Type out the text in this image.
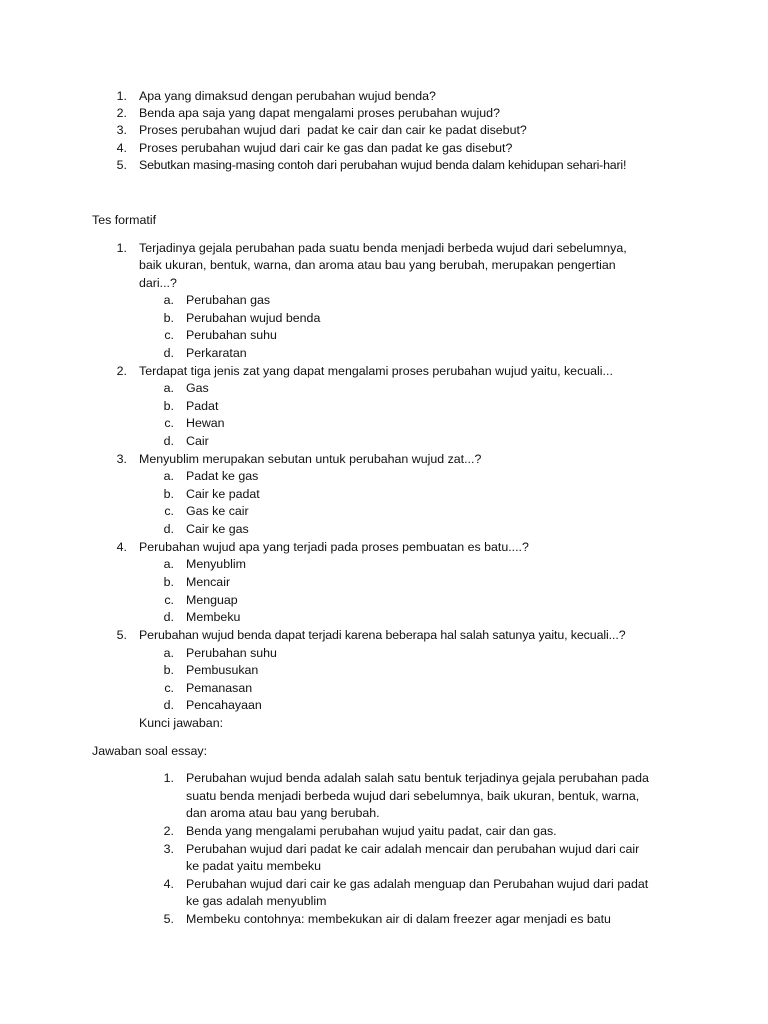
1. Apa yang dimaksud dengan perubahan wujud benda?
2. Benda apa saja yang dapat mengalami proses perubahan wujud?
3. Proses perubahan wujud dari  padat ke cair dan cair ke padat disebut?
4. Proses perubahan wujud dari cair ke gas dan padat ke gas disebut?
5. Sebutkan masing-masing contoh dari perubahan wujud benda dalam kehidupan sehari-hari!
Tes formatif
1. Terjadinya gejala perubahan pada suatu benda menjadi berbeda wujud dari sebelumnya,
baik ukuran, bentuk, warna, dan aroma atau bau yang berubah, merupakan pengertian
dari...?
a. Perubahan gas
b. Perubahan wujud benda
c. Perubahan suhu
d. Perkaratan
2. Terdapat tiga jenis zat yang dapat mengalami proses perubahan wujud yaitu, kecuali...
a. Gas
b. Padat
c. Hewan
d. Cair
3. Menyublim merupakan sebutan untuk perubahan wujud zat...?
a. Padat ke gas
b. Cair ke padat
c. Gas ke cair
d. Cair ke gas
4. Perubahan wujud apa yang terjadi pada proses pembuatan es batu....?
a. Menyublim
b. Mencair
c. Menguap
d. Membeku
5. Perubahan wujud benda dapat terjadi karena beberapa hal salah satunya yaitu, kecuali...?
a. Perubahan suhu
b. Pembusukan
c. Pemanasan
d. Pencahayaan
Kunci jawaban:
Jawaban soal essay:
1. Perubahan wujud benda adalah salah satu bentuk terjadinya gejala perubahan pada
suatu benda menjadi berbeda wujud dari sebelumnya, baik ukuran, bentuk, warna,
dan aroma atau bau yang berubah.
2. Benda yang mengalami perubahan wujud yaitu padat, cair dan gas.
3. Perubahan wujud dari padat ke cair adalah mencair dan perubahan wujud dari cair
ke padat yaitu membeku
4. Perubahan wujud dari cair ke gas adalah menguap dan Perubahan wujud dari padat
ke gas adalah menyublim
5. Membeku contohnya: membekukan air di dalam freezer agar menjadi es batu
